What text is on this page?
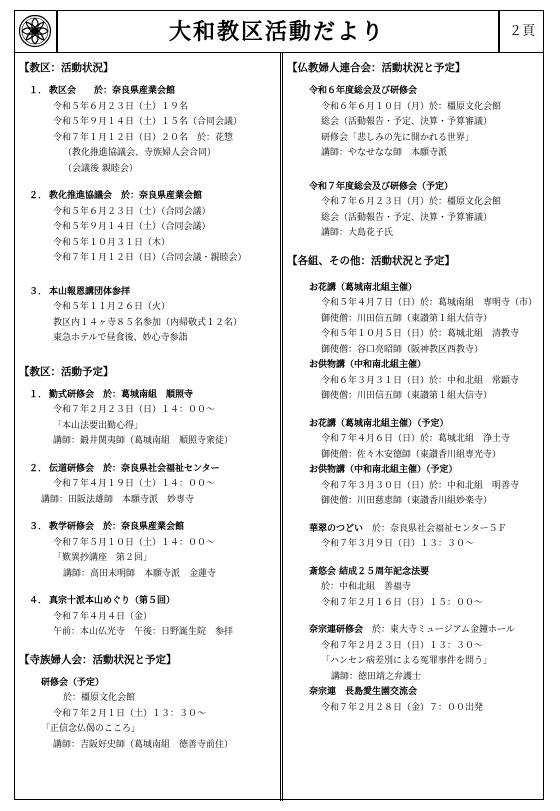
大和教区活動だより	２頁
【教区：活動状況】
１． 教区会　　 於：奈良県産業会館
令和５年６月２３日（土）１９名
令和５年９月１４日（土）１５名（合同会議）
令和７年１月１２日（日）２０名　於：花惣
（教化推進協議会、寺族婦人会合同）
（会議後 親睦会）
２． 教化推進協議会　 於：奈良県産業会館
令和５年６月２３日（土）（合同会議）
令和５年９月１４日（土）（合同会議）
令和５年１０月３１日（木）
令和７年１月１２日（日）（合同会議・親睦会）
３． 本山報恩講団体参拝
令和５年１１月２６日（火）
教区内１４ヶ寺８５名参加（内帰敬式１２名）
東急ホテルで昼食後、妙心寺参詣
【教区：活動予定】
１． 勤式研修会　 於：葛城南組　順照寺
令和７年２月２３日（日）１４：００～
「本山法要出勤心得」
講師：鍛井関夷師（葛城南組　順照寺衆徒）
２． 伝道研修会　 於：奈良県社会福祉センター
令和７年４月１９日（土）１４：００～
講師：田阪法雄師　本願寺派　妙専寺
３． 教学研修会　 於：奈良県産業会館
令和７年５月１０日（土）１４：００～
「歎異抄講座　第２回」
講師：高田未明師　本願寺派　金蓮寺
４． 真宗十派本山めぐり（第５回）
令和７年４月４日（金）
午前：本山仏光寺　午後：日野誕生院　参拝
【寺族婦人会：活動状況と予定】
研修会（予定）
於：橿原文化会館
令和７年２月１日（土）１３：３０～
「正信念仏偈のこころ」
講師：吉阪好史師（葛城南組　徳善寺前住）
【仏教婦人連合会：活動状況と予定】
令和６年度総会及び研修会
令和６年６月１０日（月）於：橿原文化会館
総会（活動報告・予定、決算・予算審議）
研修会「悲しみの先に開かれる世界」
講師：やなせなな師　本願寺派
令和７年度総会及び研修会（予定）
令和７年６月２３日（月）於：橿原文化会館
総会（活動報告・予定、決算・予算審議）
講師：大島花子氏
【各組、その他：活動状況と予定】
お花講（葛城南北組主催）
令和５年４月７日（日）於：葛城南組　専明寺（市）
御使僧：川田信五師（東讃第１組大信寺）
令和５年１０月５日（日）於：葛城北組　清教寺
御使僧：谷口亮昭師（阪神教区西教寺）
お供物講（中和南北組主催）
令和６年３月３１日（日）於：中和北組　常顕寺
御使僧：川田信五師（東讃第１組大信寺）
お花講（葛城南北組主催）（予定）
令和７年４月６日（日）於：葛城北組　浄土寺
御使僧：佐々木安德師（東讃香川組専光寺）
お供物講（中和南北組主催）（予定）
令和７年３月３０日（日）於：中和北組　明善寺
御使僧：川田慈恵師（東讃香川組妙楽寺）
華翠のつどい　 於：奈良県社会福祉センター５Ｆ
令和７年３月９日（日）１３：３０～
斎悠会 結成２５周年記念法要
於：中和北組　善福寺
令和７年２月１６日（日）１５：００～
奈宗連研修会　 於：東大寺ミュージアム金鐘ホール
令和７年２月２３日（日）１３：３０～
「ハンセン病差別による冤罪事件を問う」
講師：徳田靖之弁護士
奈宗連　長島愛生園交流会
令和７年２月２８日（金）７：００出発
